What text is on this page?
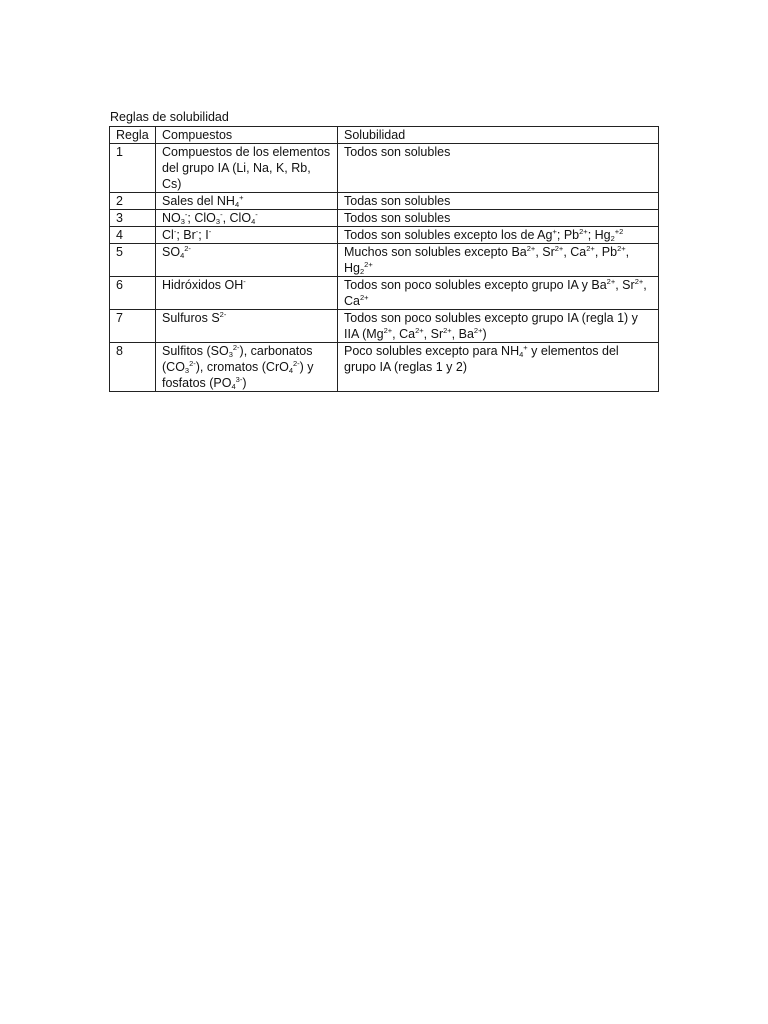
Reglas de solubilidad
Regla	Compuestos	Solubilidad
1	Compuestos de los elementos del grupo IA (Li, Na, K, Rb, Cs)	Todos son solubles
2	Sales del $NH_4^+$	Todas son solubles
3	$NO_3^-$; ClO$_3$-, ClO$_4$-	Todos son solubles
4	Cl-; Br-; I-	Todos son solubles excepto los de Ag+; $Pb^{2+}$; $Hg_2^{+2}$
5	$SO_4^{2-}$	Muchos son solubles excepto $Ba^{2+}$, $Sr^{2+}$, $Ca^{2+}$, $Pb^{2+}$, $Hg_2^{2+}$
6	Hidróxidos OH-	Todos son poco solubles excepto grupo IA y $Ba^{2+}$, $Sr^{2+}$, $Ca^{2+}$
7	Sulfuros $S^{2-}$	Todos son poco solubles excepto grupo IA (regla 1) y IIA ($Mg^{2+}$, $Ca^{2+}$, $Sr^{2+}$, $Ba^{2+}$)
8	Sulfitos $(SO_3^{2-})$, carbonatos $(CO_3^{2-})$, cromatos (CrO$_4^{2-}$) y fosfatos $(PO_4^{3-})$	Poco solubles excepto para $NH_4^+$ y elementos del grupo IA (reglas 1 y 2)
